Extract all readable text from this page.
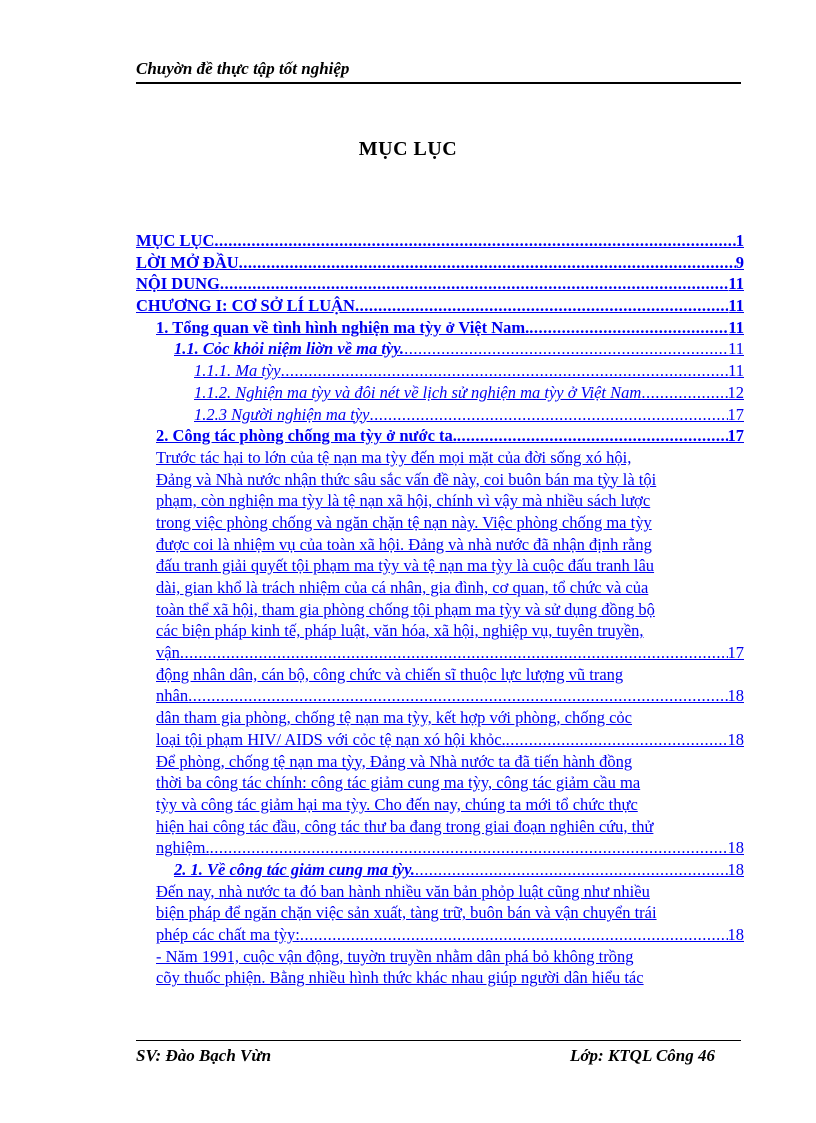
Chuyờn đề thực tập tốt nghiệp
MỤC LỤC
MỤC LỤC .....	1
LỜI MỞ ĐẦU .....	9
NỘI DUNG .....	11
CHƯƠNG I: CƠ SỞ LÍ LUẬN .....	11
1. Tổng quan về tình hình nghiện ma tỳy ở Việt Nam. .....	11
1.1. Cỏc khỏi niệm liờn về ma tỳy. .....	11
1.1.1. Ma tỳy .....	11
1.1.2. Nghiện ma tỳy và đôi nét về lịch sử nghiện ma tỳy ở Việt Nam .....	12
1.2.3 Người nghiện ma tỳy .....	17
2. Công tác phòng chống ma tỳy ở nước ta. .....	17
Trước tác hại to lớn của tệ nạn ma tỳy đến mọi mặt của đời sống xó hội,
Đảng và Nhà nước nhận thức sâu sắc vấn đề này, coi buôn bán ma tỳy là tội
phạm, còn nghiện ma tỳy là tệ nạn xã hội, chính vì vậy mà nhiều sách lược
trong việc phòng chống và ngăn chặn tệ nạn này. Việc phòng chống ma tỳy
được coi là nhiệm vụ của toàn xã hội. Đảng và nhà nước đã nhận định rằng
đấu tranh giải quyết tội phạm ma tỳy và tệ nạn ma tỳy là cuộc đấu tranh lâu
dài, gian khổ là trách nhiệm của cá nhân, gia đình, cơ quan, tổ chức và của
toàn thể xã hội, tham gia phòng chống tội phạm ma tỳy và sử dụng đồng bộ
các biện pháp kinh tế, pháp luật, văn hóa, xã hội, nghiệp vụ, tuyên truyền,
vận .....	17
động nhân dân, cán bộ, công chức và chiến sĩ thuộc lực lượng vũ trang
nhân .....	18
dân tham gia phòng, chống tệ nạn ma tỳy, kết hợp với phòng, chống cỏc
loại tội phạm HIV/ AIDS với cỏc tệ nạn xó hội khỏc. .....	18
Để phòng, chống tệ nạn ma tỳy, Đảng và Nhà nước ta đã tiến hành đồng
thời ba công tác chính: công tác giảm cung ma tỳy, công tác giảm cầu ma
tỳy và công tác giảm hại ma tỳy. Cho đến nay, chúng ta mới tổ chức thực
hiện hai công tác đầu, công tác thư ba đang trong giai đoạn nghiên cứu, thử
nghiệm. .....	18
2. 1. Về công tác giảm cung ma tỳy. .....	18
Đến nay, nhà nước ta đó ban hành nhiều văn bản phỏp luật cũng như nhiều
biện pháp để ngăn chặn việc sản xuất, tàng trữ, buôn bán và vận chuyển trái
phép các chất ma tỳy: .....	18
- Năm 1991, cuộc vận động, tuyờn truyền nhằm dân phá bỏ không trồng
cõy thuốc phiện. Bằng nhiều hình thức khác nhau giúp người dân hiểu tác
SV: Đào Bạch Vừn	Lớp: KTQL Công 46
